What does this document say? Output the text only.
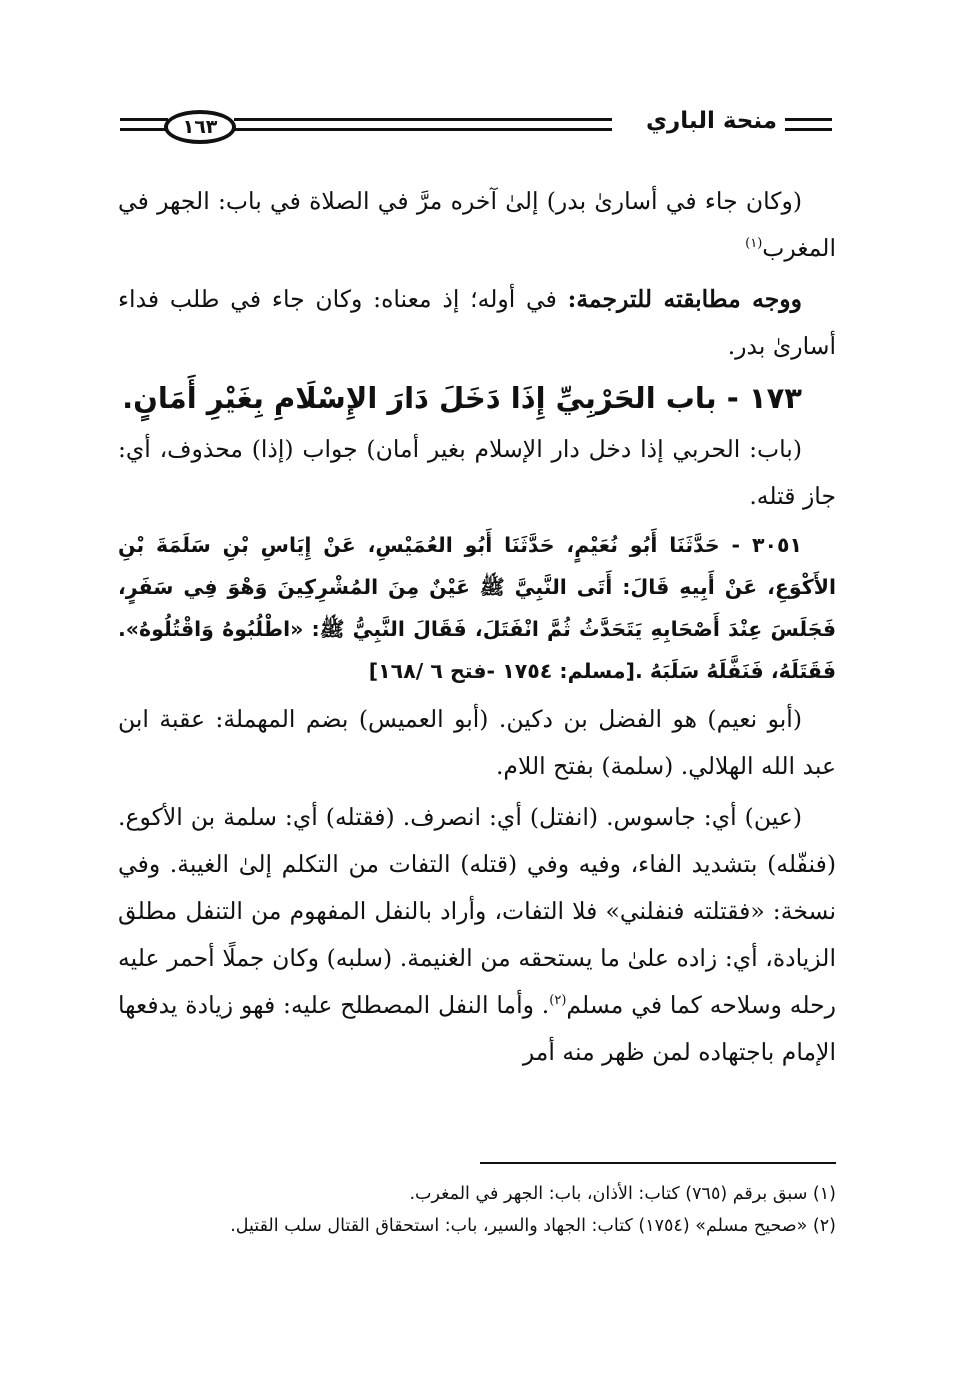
١٦٣	منحة الباري

(وكان جاء في أسارىٰ بدر) إلىٰ آخره مرَّ في الصلاة في باب: الجهر في المغرب$^{(١)}$

ووجه مطابقته للترجمة: في أوله؛ إذ معناه: وكان جاء في طلب فداء أسارىٰ بدر.

١٧٣ - باب الحَرْبِيِّ إِذَا دَخَلَ دَارَ الإِسْلَامِ بِغَيْرِ أَمَانٍ.

(باب: الحربي إذا دخل دار الإسلام بغير أمان) جواب (إذا) محذوف، أي: جاز قتله.

٣٠٥١ - حَدَّثَنَا أَبُو نُعَيْمٍ، حَدَّثَنَا أَبُو العُمَيْسِ، عَنْ إِيَاسِ بْنِ سَلَمَةَ بْنِ الأَكْوَعِ، عَنْ أَبِيهِ قَالَ: أَتَى النَّبِيَّ ﷺ عَيْنٌ مِنَ المُشْرِكِينَ وَهْوَ فِي سَفَرٍ، فَجَلَسَ عِنْدَ أَصْحَابِهِ يَتَحَدَّثُ ثُمَّ انْفَتَلَ، فَقَالَ النَّبِيُّ ﷺ: «اطْلُبُوهُ وَاقْتُلُوهُ». فَقَتَلَهُ، فَنَفَّلَهُ سَلَبَهُ .[مسلم: ١٧٥٤ -فتح ٦ /١٦٨]

(أبو نعيم) هو الفضل بن دكين. (أبو العميس) بضم المهملة: عقبة ابن عبد الله الهلالي. (سلمة) بفتح اللام.

(عين) أي: جاسوس. (انفتل) أي: انصرف. (فقتله) أي: سلمة بن الأكوع. (فنفّله) بتشديد الفاء، وفيه وفي (قتله) التفات من التكلم إلىٰ الغيبة. وفي نسخة: «فقتلته فنفلني» فلا التفات، وأراد بالنفل المفهوم من التنفل مطلق الزيادة، أي: زاده علىٰ ما يستحقه من الغنيمة. (سلبه) وكان جملًا أحمر عليه رحله وسلاحه كما في مسلم$^{(٢)}$. وأما النفل المصطلح عليه: فهو زيادة يدفعها الإمام باجتهاده لمن ظهر منه أمر

(١) سبق برقم (٧٦٥) كتاب: الأذان، باب: الجهر في المغرب.

(٢) «صحيح مسلم» (١٧٥٤) كتاب: الجهاد والسير، باب: استحقاق القتال سلب القتيل.
